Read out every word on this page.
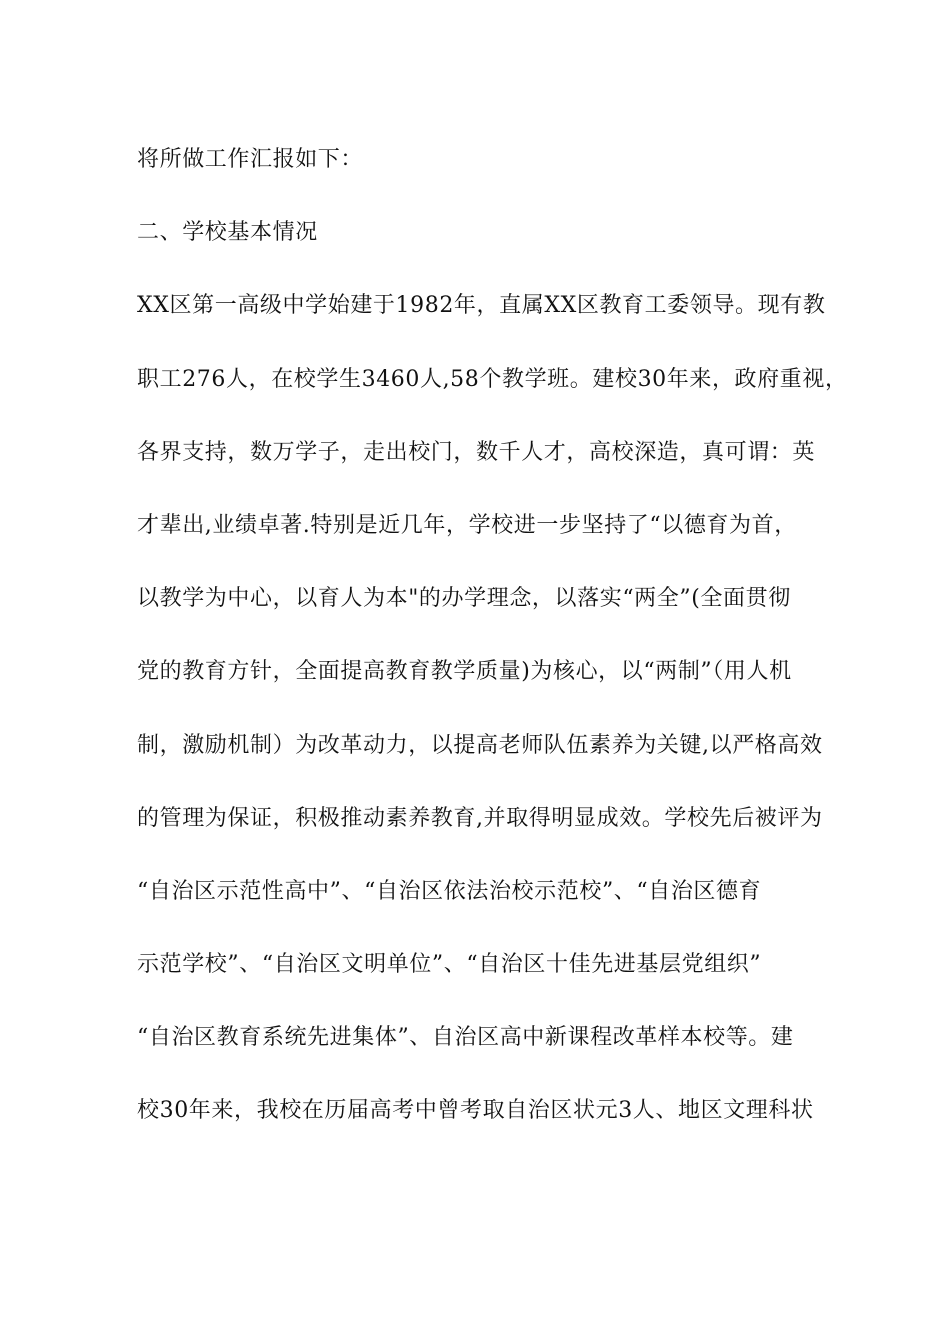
将所做工作汇报如下：
二、学校基本情况
XX区第一高级中学始建于1982年，直属XX区教育工委领导。现有教
职工276人，在校学生3460人,58个教学班。建校30年来，政府重视，
各界支持，数万学子，走出校门，数千人才，高校深造，真可谓：英
才辈出,业绩卓著.特别是近几年，学校进一步坚持了“以德育为首，
以教学为中心，以育人为本"的办学理念，以落实“两全”(全面贯彻
党的教育方针，全面提高教育教学质量)为核心，以“两制”（用人机
制，激励机制）为改革动力，以提高老师队伍素养为关键,以严格高效
的管理为保证，积极推动素养教育,并取得明显成效。学校先后被评为
“自治区示范性高中”、“自治区依法治校示范校”、“自治区德育
示范学校”、“自治区文明单位”、“自治区十佳先进基层党组织”
“自治区教育系统先进集体”、自治区高中新课程改革样本校等。建
校30年来，我校在历届高考中曾考取自治区状元3人、地区文理科状
